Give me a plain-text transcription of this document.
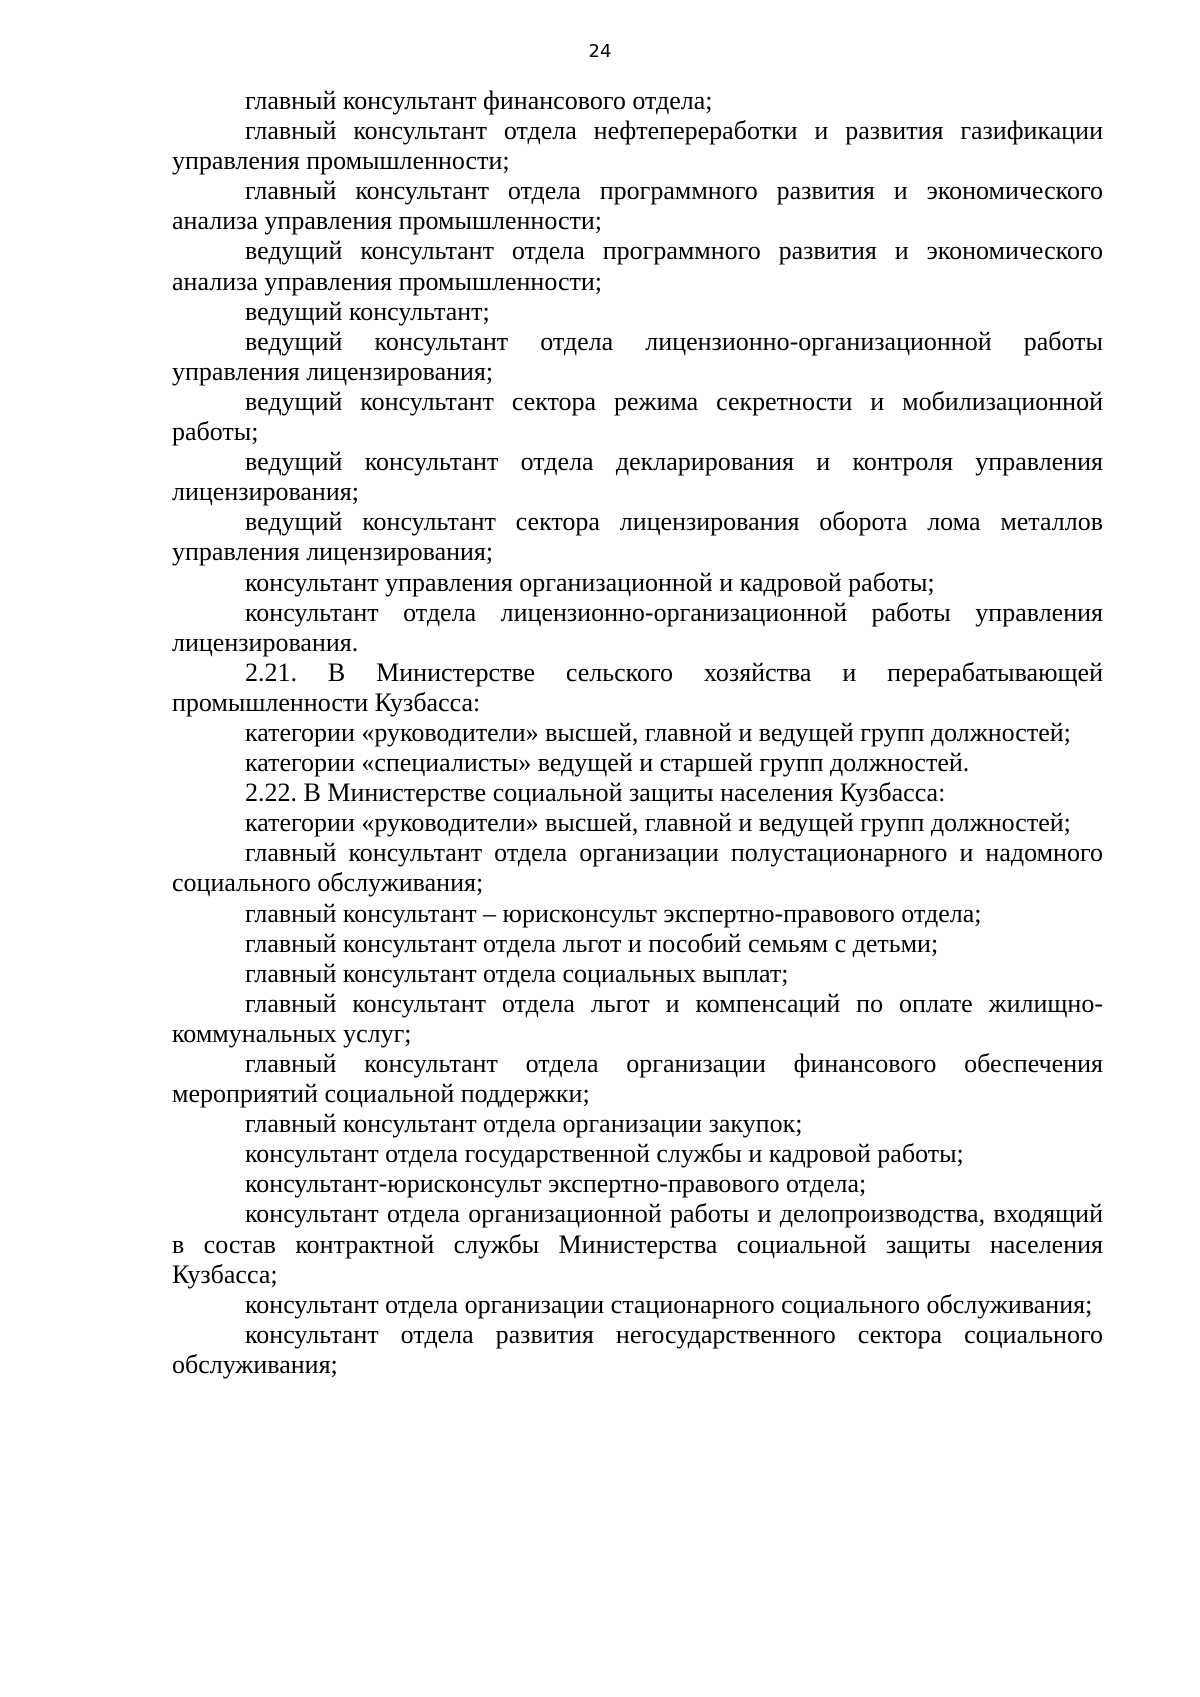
24

главный консультант финансового отдела;

главный консультант отдела нефтепереработки и развития газификации управления промышленности;

главный консультант отдела программного развития и экономического анализа управления промышленности;

ведущий консультант отдела программного развития и экономического анализа управления промышленности;

ведущий консультант;

ведущий консультант отдела лицензионно-организационной работы управления лицензирования;

ведущий консультант сектора режима секретности и мобилизационной работы;

ведущий консультант отдела декларирования и контроля управления лицензирования;

ведущий консультант сектора лицензирования оборота лома металлов управления лицензирования;

консультант управления организационной и кадровой работы;

консультант отдела лицензионно-организационной работы управления лицензирования.

2.21. В Министерстве сельского хозяйства и перерабатывающей промышленности Кузбасса:

категории «руководители» высшей, главной и ведущей групп должностей;

категории «специалисты» ведущей и старшей групп должностей.

2.22. В Министерстве социальной защиты населения Кузбасса:

категории «руководители» высшей, главной и ведущей групп должностей;

главный консультант отдела организации полустационарного и надомного социального обслуживания;

главный консультант – юрисконсульт экспертно-правового отдела;

главный консультант отдела льгот и пособий семьям с детьми;

главный консультант отдела социальных выплат;

главный консультант отдела льгот и компенсаций по оплате жилищно-коммунальных услуг;

главный консультант отдела организации финансового обеспечения мероприятий социальной поддержки;

главный консультант отдела организации закупок;

консультант отдела государственной службы и кадровой работы;

консультант-юрисконсульт экспертно-правового отдела;

консультант отдела организационной работы и делопроизводства, входящий в состав контрактной службы Министерства социальной защиты населения Кузбасса;

консультант отдела организации стационарного социального обслуживания;

консультант отдела развития негосударственного сектора социального обслуживания;
